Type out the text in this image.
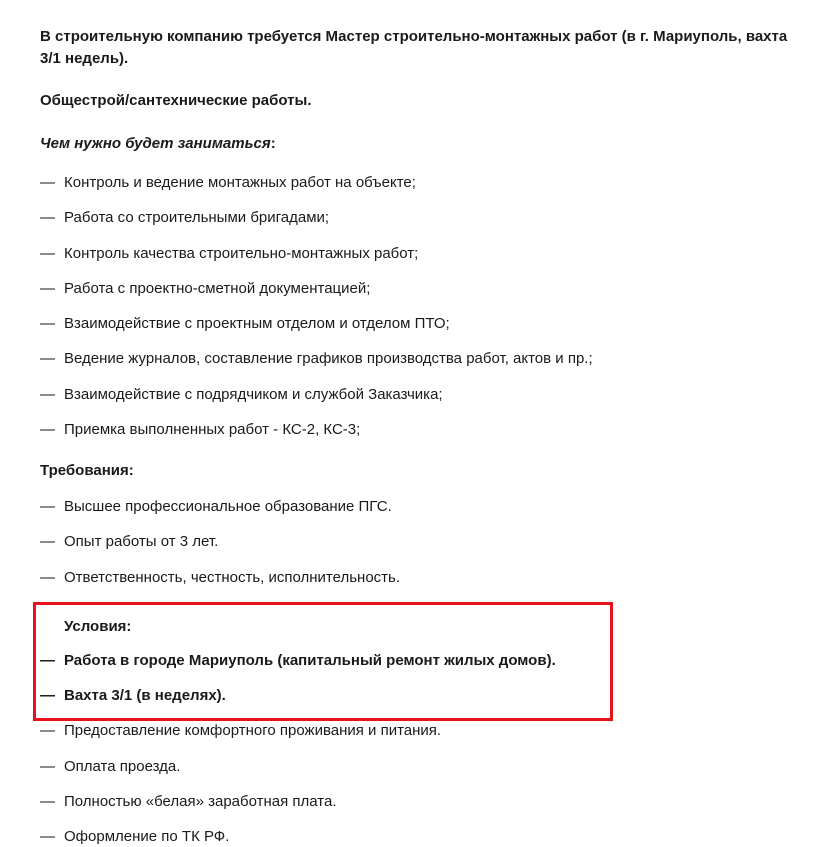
В строительную компанию требуется Мастер строительно-монтажных работ (в г. Мариуполь, вахта 3/1 недель).

Общестрой/сантехнические работы.

Чем нужно будет заниматься:

— Контроль и ведение монтажных работ на объекте;
— Работа со строительными бригадами;
— Контроль качества строительно-монтажных работ;
— Работа с проектно-сметной документацией;
— Взаимодействие с проектным отделом и отделом ПТО;
— Ведение журналов, составление графиков производства работ, актов и пр.;
— Взаимодействие с подрядчиком и службой Заказчика;
— Приемка выполненных работ - КС-2, КС-3;

Требования:

— Высшее профессиональное образование ПГС.
— Опыт работы от 3 лет.
— Ответственность, честность, исполнительность.

Условия:

— Работа в городе Мариуполь (капитальный ремонт жилых домов).
— Вахта 3/1 (в неделях).
— Предоставление комфортного проживания и питания.
— Оплата проезда.
— Полностью «белая» заработная плата.
— Оформление по ТК РФ.
